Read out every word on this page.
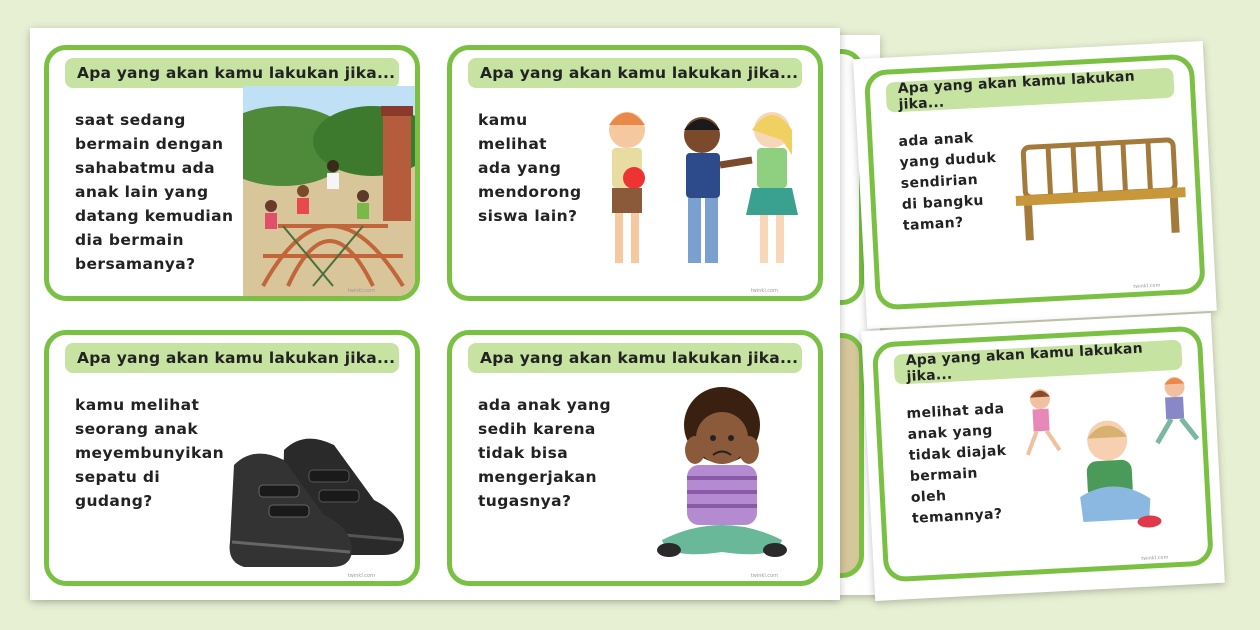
Apa yang akan kamu lakukan jika...
saat sedang
bermain dengan
sahabatmu ada
anak lain yang
datang kemudian
dia bermain
bersamanya?
twinkl.com
Apa yang akan kamu lakukan jika...
kamu
melihat
ada yang
mendorong
siswa lain?
twinkl.com
Apa yang akan kamu lakukan jika...
kamu melihat
seorang anak
meyembunyikan
sepatu di
gudang?
twinkl.com
Apa yang akan kamu lakukan jika...
ada anak yang
sedih karena
tidak bisa
mengerjakan
tugasnya?
twinkl.com
Apa yang akan kamu lakukan jika...
ada anak
yang duduk
sendirian
di bangku
taman?
twinkl.com
Apa yang akan kamu lakukan jika...
melihat ada
anak yang
tidak diajak
bermain
oleh
temannya?
twinkl.com
